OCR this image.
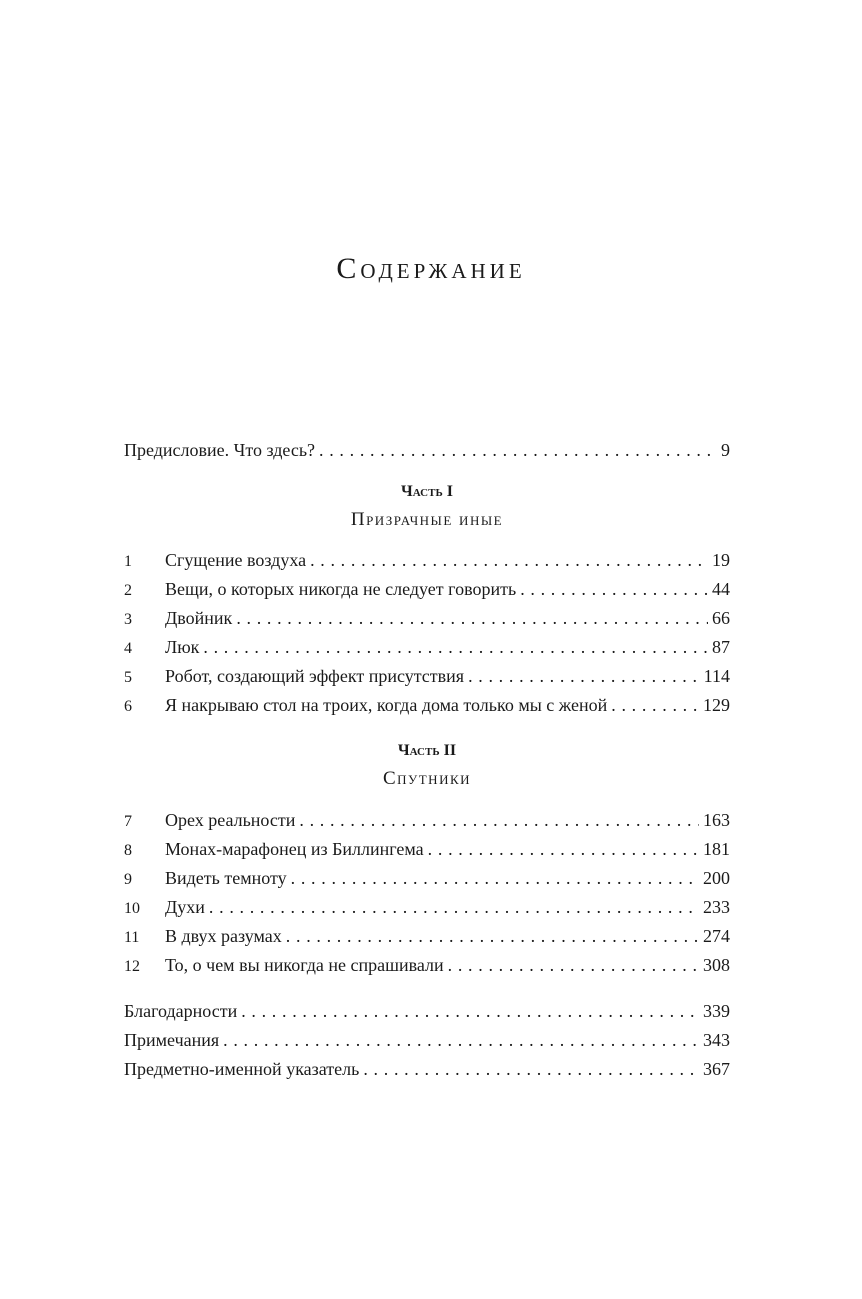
Содержание
Предисловие. Что здесь? . . .	9
Часть I
Призрачные иные
1	Сгущение воздуха . . .	19
2	Вещи, о которых никогда не следует говорить . . .	44
3	Двойник . . .	66
4	Люк . . .	87
5	Робот, создающий эффект присутствия . . .	114
6	Я накрываю стол на троих, когда дома только мы с женой . . .	129
Часть II
Спутники
7	Орех реальности . . .	163
8	Монах-марафонец из Биллингема . . .	181
9	Видеть темноту . . .	200
10	Духи . . .	233
11	В двух разумах . . .	274
12	То, о чем вы никогда не спрашивали . . .	308
Благодарности . . .	339
Примечания . . .	343
Предметно-именной указатель . . .	367
